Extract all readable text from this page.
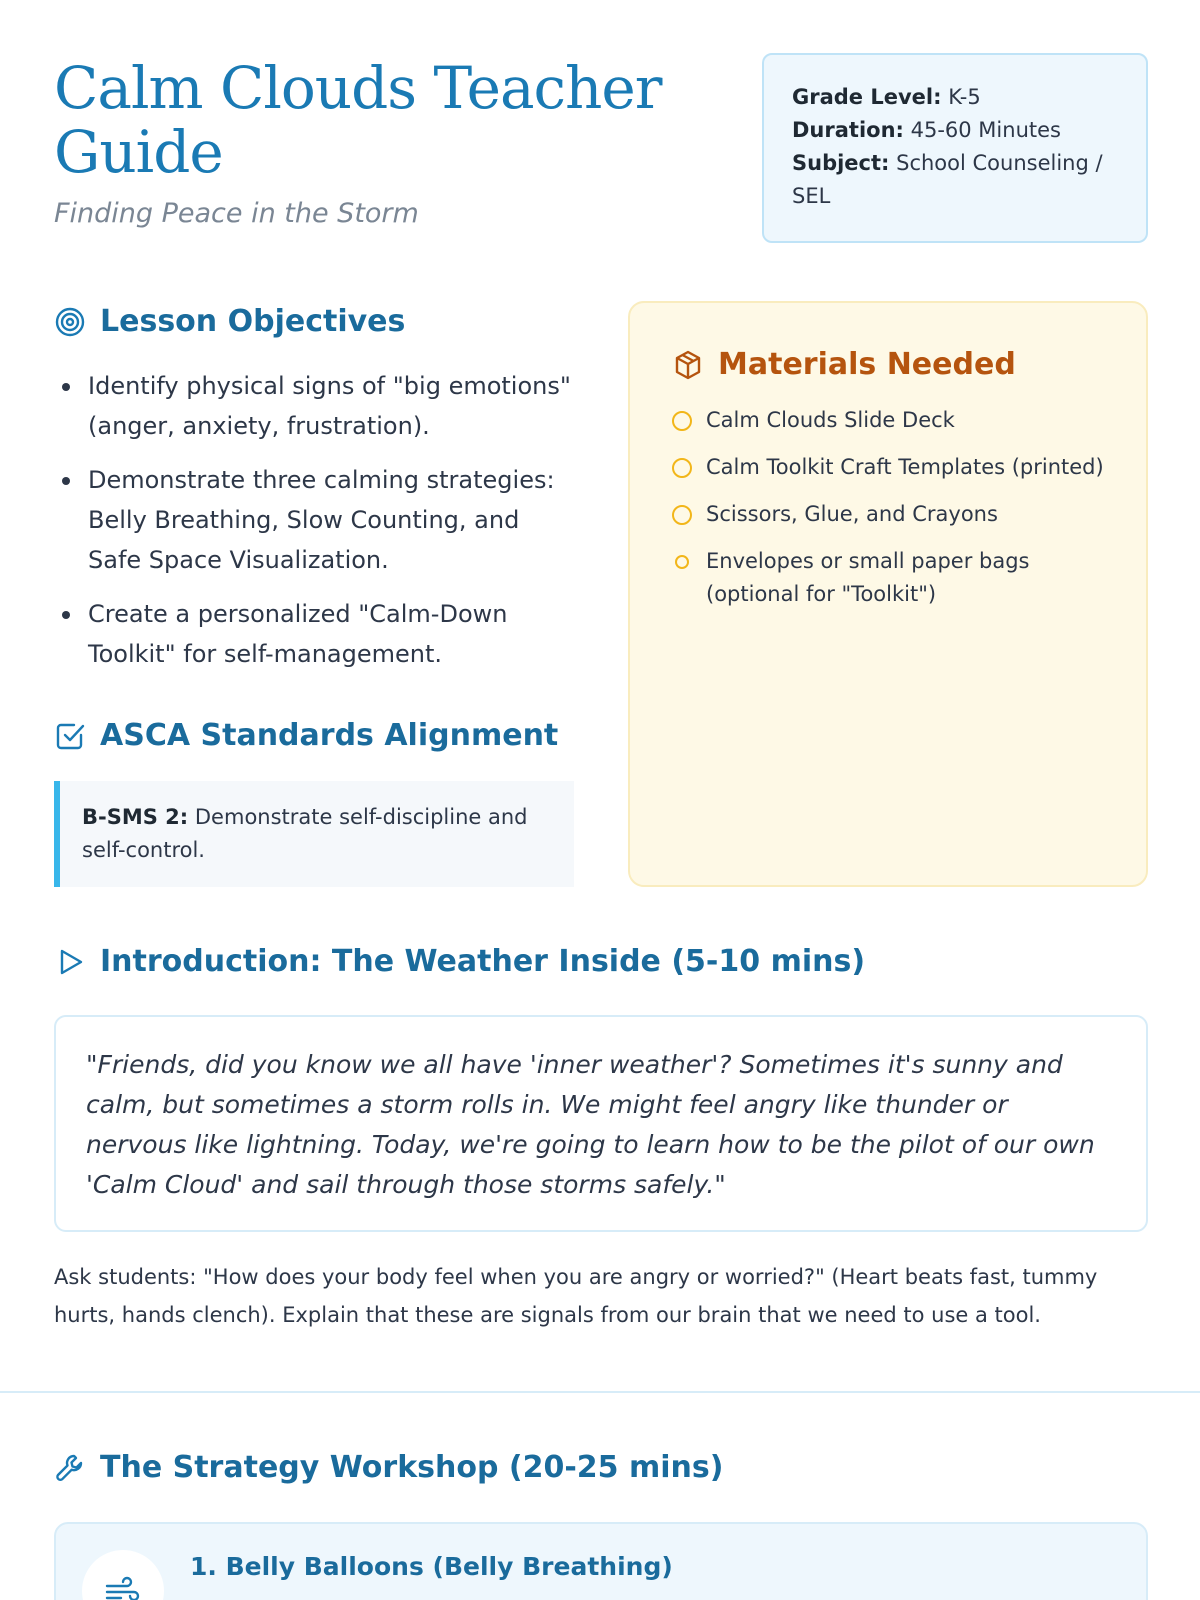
Calm Clouds Teacher Guide
Finding Peace in the Storm
Grade Level: K-5
Duration: 45-60 Minutes
Subject: School Counseling / SEL
Lesson Objectives
Identify physical signs of "big emotions" (anger, anxiety, frustration).
Demonstrate three calming strategies: Belly Breathing, Slow Counting, and Safe Space Visualization.
Create a personalized "Calm-Down Toolkit" for self-management.
ASCA Standards Alignment
B-SMS 2: Demonstrate self-discipline and self-control.
Materials Needed
Calm Clouds Slide Deck
Calm Toolkit Craft Templates (printed)
Scissors, Glue, and Crayons
Envelopes or small paper bags (optional for "Toolkit")
Introduction: The Weather Inside (5-10 mins)
"Friends, did you know we all have 'inner weather'? Sometimes it's sunny and calm, but sometimes a storm rolls in. We might feel angry like thunder or nervous like lightning. Today, we're going to learn how to be the pilot of our own 'Calm Cloud' and sail through those storms safely."
Ask students: "How does your body feel when you are angry or worried?" (Heart beats fast, tummy hurts, hands clench). Explain that these are signals from our brain that we need to use a tool.
The Strategy Workshop (20-25 mins)
1. Belly Balloons (Belly Breathing)
